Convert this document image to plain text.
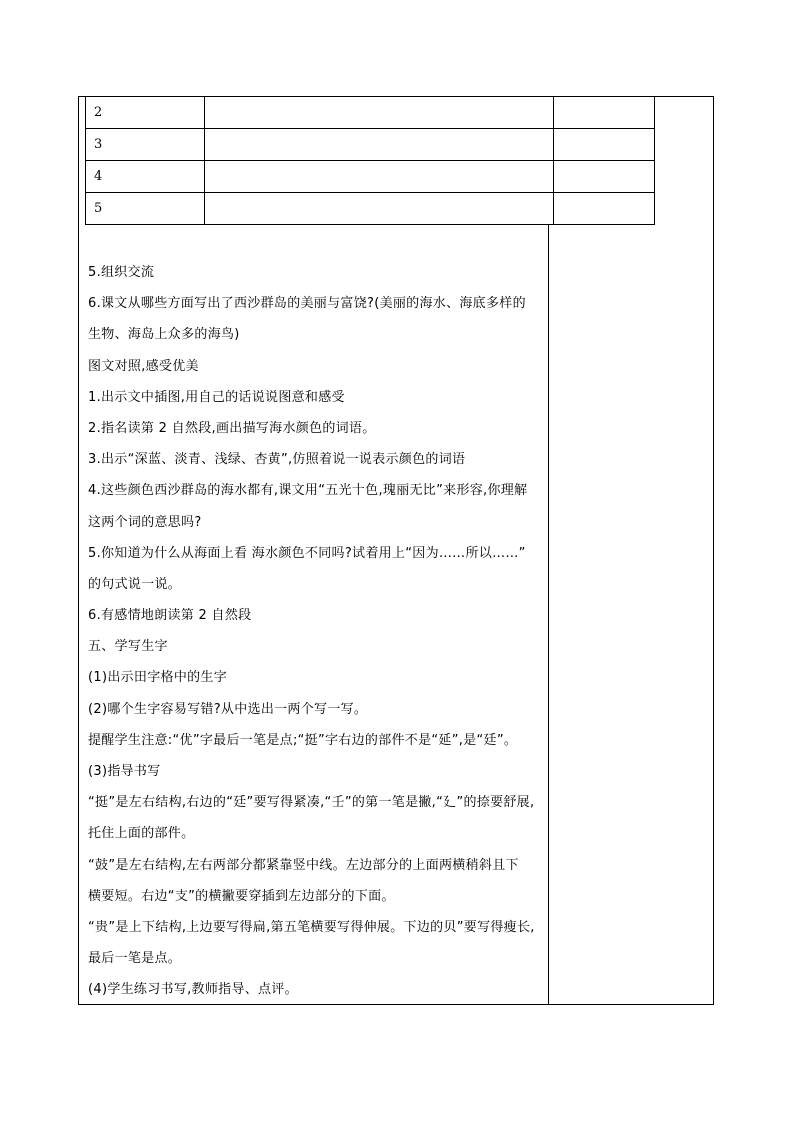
2		
3		
4		
5		
5.组织交流
6.课文从哪些方面写出了西沙群岛的美丽与富饶?(美丽的海水、海底多样的
生物、海岛上众多的海鸟)
图文对照,感受优美
1.出示文中插图,用自己的话说说图意和感受
2.指名读第 2 自然段,画出描写海水颜色的词语。
3.出示“深蓝、淡青、浅绿、杏黄”,仿照着说一说表示颜色的词语
4.这些颜色西沙群岛的海水都有,课文用“五光十色,瑰丽无比”来形容,你理解
这两个词的意思吗?
5.你知道为什么从海面上看 海水颜色不同吗?试着用上“因为……所以……”
的句式说一说。
6.有感情地朗读第 2 自然段
五、学写生字
(1)出示田字格中的生字
(2)哪个生字容易写错?从中选出一两个写一写。
提醒学生注意:“优”字最后一笔是点;“挺”字右边的部件不是“延”,是“廷”。
(3)指导书写
“挺”是左右结构,右边的“廷”要写得紧凑,“壬”的第一笔是撇,“廴”的捺要舒展,
托住上面的部件。
“鼓”是左右结构,左右两部分都紧靠竖中线。左边部分的上面两横稍斜且下
横要短。右边“支”的横撇要穿插到左边部分的下面。
“贵”是上下结构,上边要写得扁,第五笔横要写得伸展。下边的贝”要写得瘦长,
最后一笔是点。
(4)学生练习书写,教师指导、点评。
